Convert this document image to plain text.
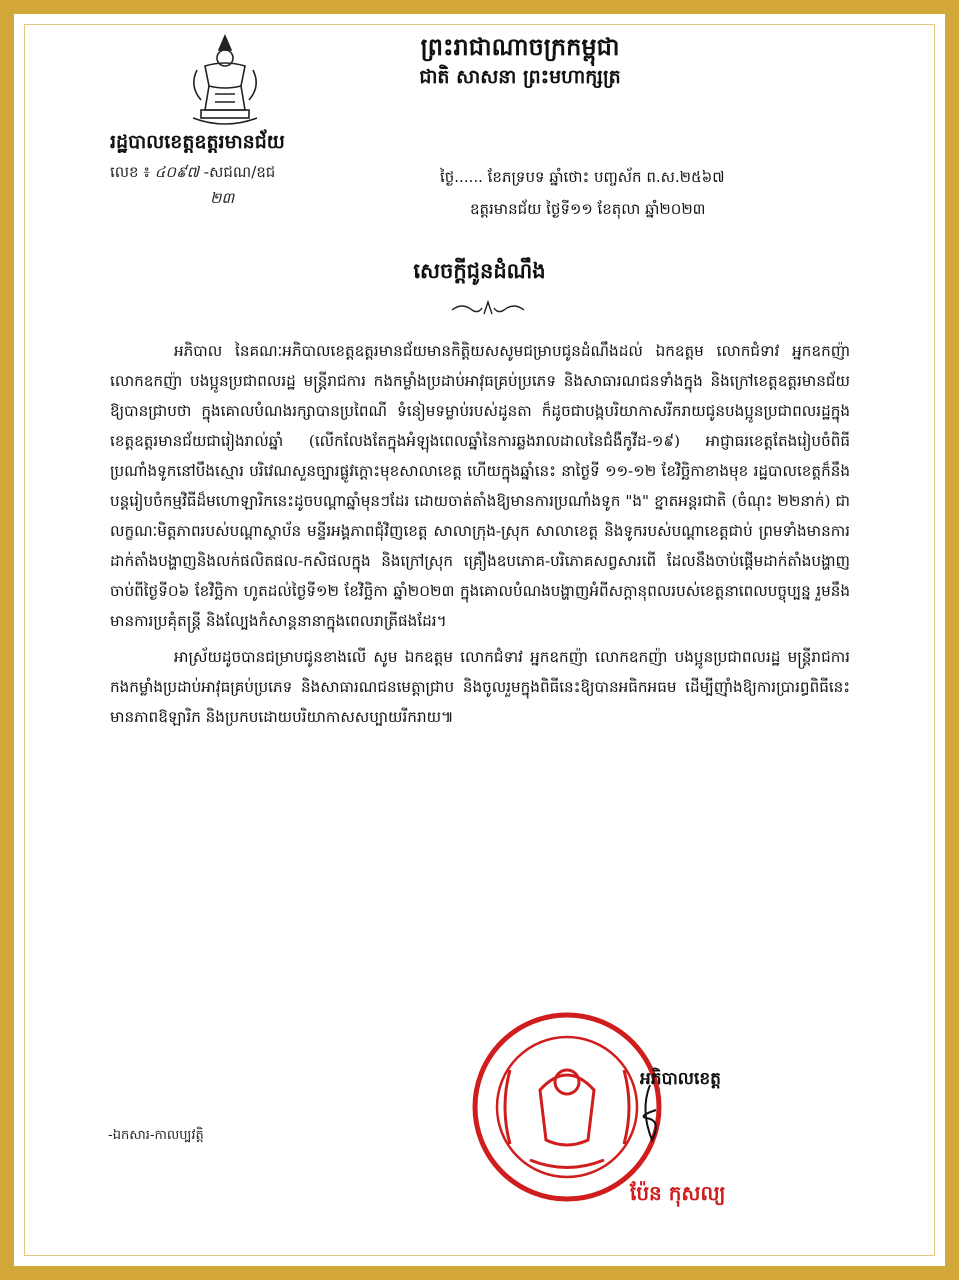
ព្រះរាជាណាចក្រកម្ពុជា
ជាតិ សាសនា ព្រះមហាក្សត្រ
រដ្ឋបាលខេត្តឧត្ដរមានជ័យ
លេខ ៖ ៤០៩៧ -សជណ/ឧជ
២៣
ថ្ងៃ...... ខែភទ្របទ ឆ្នាំថោះ បញ្ចស័ក ព.ស.២៥៦៧
ឧត្តរមានជ័យ ថ្ងៃទី១១ ខែតុលា ឆ្នាំ២០២៣
សេចក្តីជូនដំណឹង

អភិបាល នៃគណៈអភិបាលខេត្តឧត្តរមានជ័យមានកិត្តិយសសូមជម្រាបជូនដំណឹងដល់ ឯកឧត្តម លោកជំទាវ អ្នកឧកញ៉ា លោកឧកញ៉ា បងប្អូនប្រជាពលរដ្ឋ មន្ត្រីរាជការ កងកម្លាំងប្រដាប់អាវុធគ្រប់ប្រភេទ និងសាធារណជនទាំងក្នុង និងក្រៅខេត្តឧត្តរមានជ័យ ឱ្យបានជ្រាបថា ក្នុងគោលបំណងរក្សាបានប្រពៃណី ទំនៀមទម្លាប់របស់ដូនតា ក៏ដូចជាបង្កបរិយាកាសរីករាយជូនបងប្អូនប្រជាពលរដ្ឋក្នុងខេត្តឧត្តរមានជ័យជារៀងរាល់ឆ្នាំ (លើកលែងតែក្នុងអំឡុងពេលឆ្នាំនៃការឆ្លងរាលដាលនៃជំងឺកូវីដ-១៩) អាជ្ញាធរខេត្តតែងរៀបចំពិធីប្រណាំងទូកនៅបឹងស្មោរ បរិវេណសួនច្បារផ្លូវក្ដោះមុខសាលាខេត្ត ហើយក្នុងឆ្នាំនេះ នាថ្ងៃទី ១១-១២ ខែវិច្ឆិកាខាងមុខ រដ្ឋបាលខេត្តក៏នឹងបន្តរៀបចំកម្មវិធីដ៏មហោឡារិកនេះដូចបណ្តាឆ្នាំមុនៗដែរ ដោយចាត់តាំងឱ្យមានការប្រណាំងទូក "ង" ខ្នាតអន្តរជាតិ (ចំណុះ ២២នាក់) ជាលក្ខណៈមិត្តភាពរបស់បណ្តាស្ថាប័ន មន្ទីរអង្គភាពជុំវិញខេត្ត សាលាក្រុង-ស្រុក សាលាខេត្ត និងទូករបស់បណ្តាខេត្តជាប់ ព្រមទាំងមានការដាក់តាំងបង្ហាញនិងលក់ផលិតផល-កសិផលក្នុង និងក្រៅស្រុក គ្រឿងឧបភោគ-បរិភោគសព្វសារពើ ដែលនឹងចាប់ផ្តើមដាក់តាំងបង្ហាញចាប់ពីថ្ងៃទី០៦ ខែវិច្ឆិកា ហូតដល់ថ្ងៃទី១២ ខែវិច្ឆិកា ឆ្នាំ២០២៣ ក្នុងគោលបំណងបង្ហាញអំពីសក្តានុពលរបស់ខេត្តនាពេលបច្ចុប្បន្ន រួមនឹងមានការប្រគុំតន្ត្រី និងល្បែងកំសាន្តនានាក្នុងពេលរាត្រីផងដែរ។

អាស្រ័យដូចបានជម្រាបជូនខាងលើ សូម ឯកឧត្តម លោកជំទាវ អ្នកឧកញ៉ា លោកឧកញ៉ា បងប្អូនប្រជាពលរដ្ឋ មន្ត្រីរាជការ កងកម្លាំងប្រដាប់អាវុធគ្រប់ប្រភេទ និងសាធារណជនមេត្តាជ្រាប និងចូលរួមក្នុងពិធីនេះឱ្យបានអធិកអធម ដើម្បីញ៉ាំងឱ្យការប្រារព្ធពិធីនេះមានភាពឱឡារិក និងប្រកបដោយបរិយាកាសសប្បាយរីករាយ៕

អភិបាលខេត្ត
ប៉ែន កុសល្យ
-ឯកសារ-កាលប្បវត្តិ
